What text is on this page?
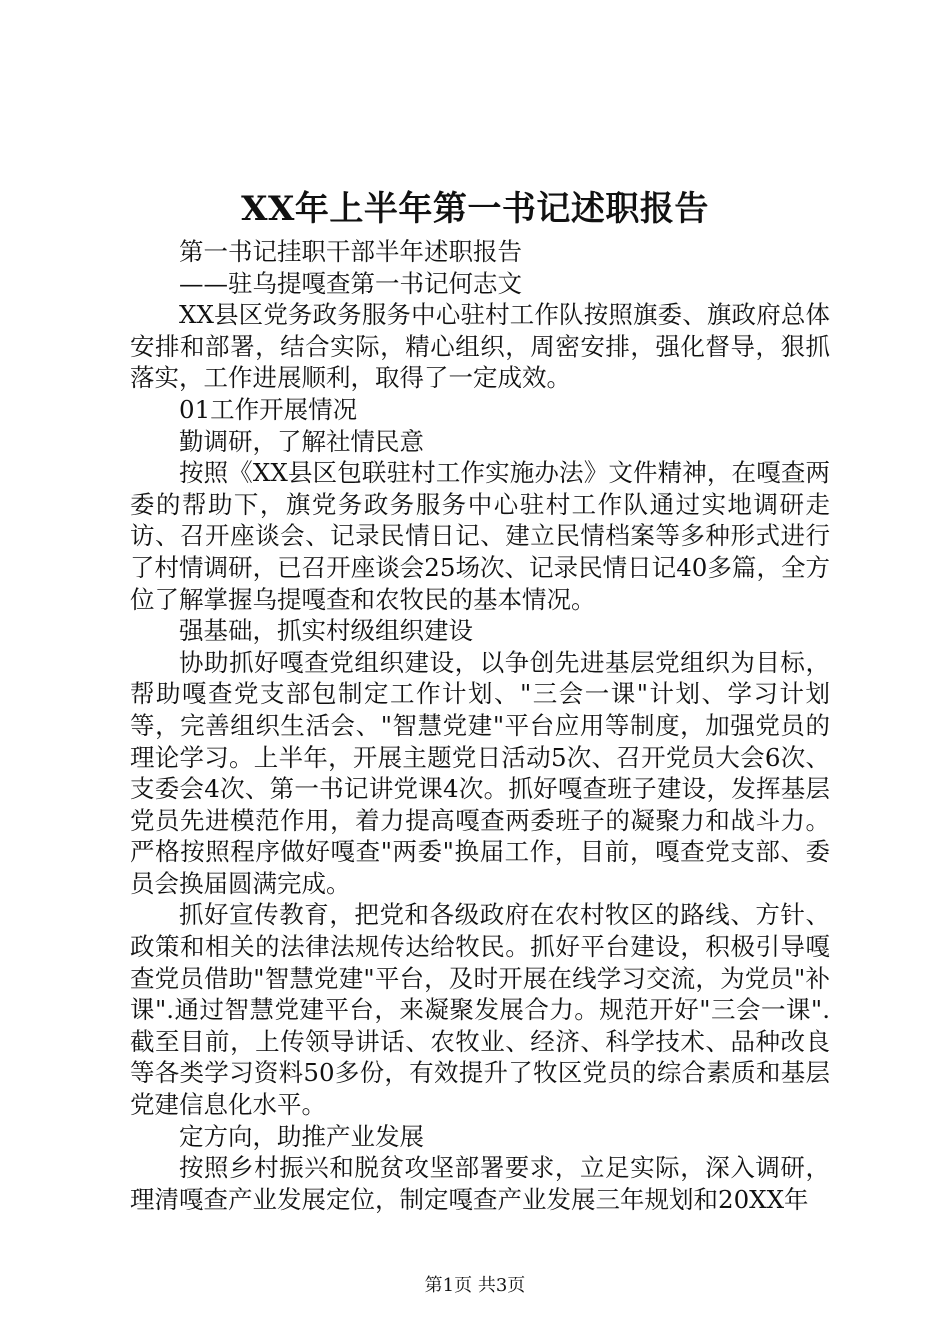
XX年上半年第一书记述职报告

第一书记挂职干部半年述职报告

——驻乌提嘎查第一书记何志文

XX县区党务政务服务中心驻村工作队按照旗委、旗政府总体安排和部署，结合实际，精心组织，周密安排，强化督导，狠抓落实，工作进展顺利，取得了一定成效。

01工作开展情况

勤调研，了解社情民意

按照《XX县区包联驻村工作实施办法》文件精神，在嘎查两委的帮助下，旗党务政务服务中心驻村工作队通过实地调研走访、召开座谈会、记录民情日记、建立民情档案等多种形式进行了村情调研，已召开座谈会25场次、记录民情日记40多篇，全方位了解掌握乌提嘎查和农牧民的基本情况。

强基础，抓实村级组织建设

协助抓好嘎查党组织建设，以争创先进基层党组织为目标，帮助嘎查党支部包制定工作计划、"三会一课"计划、学习计划等，完善组织生活会、"智慧党建"平台应用等制度，加强党员的理论学习。上半年，开展主题党日活动5次、召开党员大会6次、支委会4次、第一书记讲党课4次。抓好嘎查班子建设，发挥基层党员先进模范作用，着力提高嘎查两委班子的凝聚力和战斗力。严格按照程序做好嘎查"两委"换届工作，目前，嘎查党支部、委员会换届圆满完成。

抓好宣传教育，把党和各级政府在农村牧区的路线、方针、政策和相关的法律法规传达给牧民。抓好平台建设，积极引导嘎查党员借助"智慧党建"平台，及时开展在线学习交流，为党员"补课".通过智慧党建平台，来凝聚发展合力。规范开好"三会一课".截至目前，上传领导讲话、农牧业、经济、科学技术、品种改良等各类学习资料50多份，有效提升了牧区党员的综合素质和基层党建信息化水平。

定方向，助推产业发展

按照乡村振兴和脱贫攻坚部署要求，立足实际，深入调研，理清嘎查产业发展定位，制定嘎查产业发展三年规划和20XX年

第1页 共3页
